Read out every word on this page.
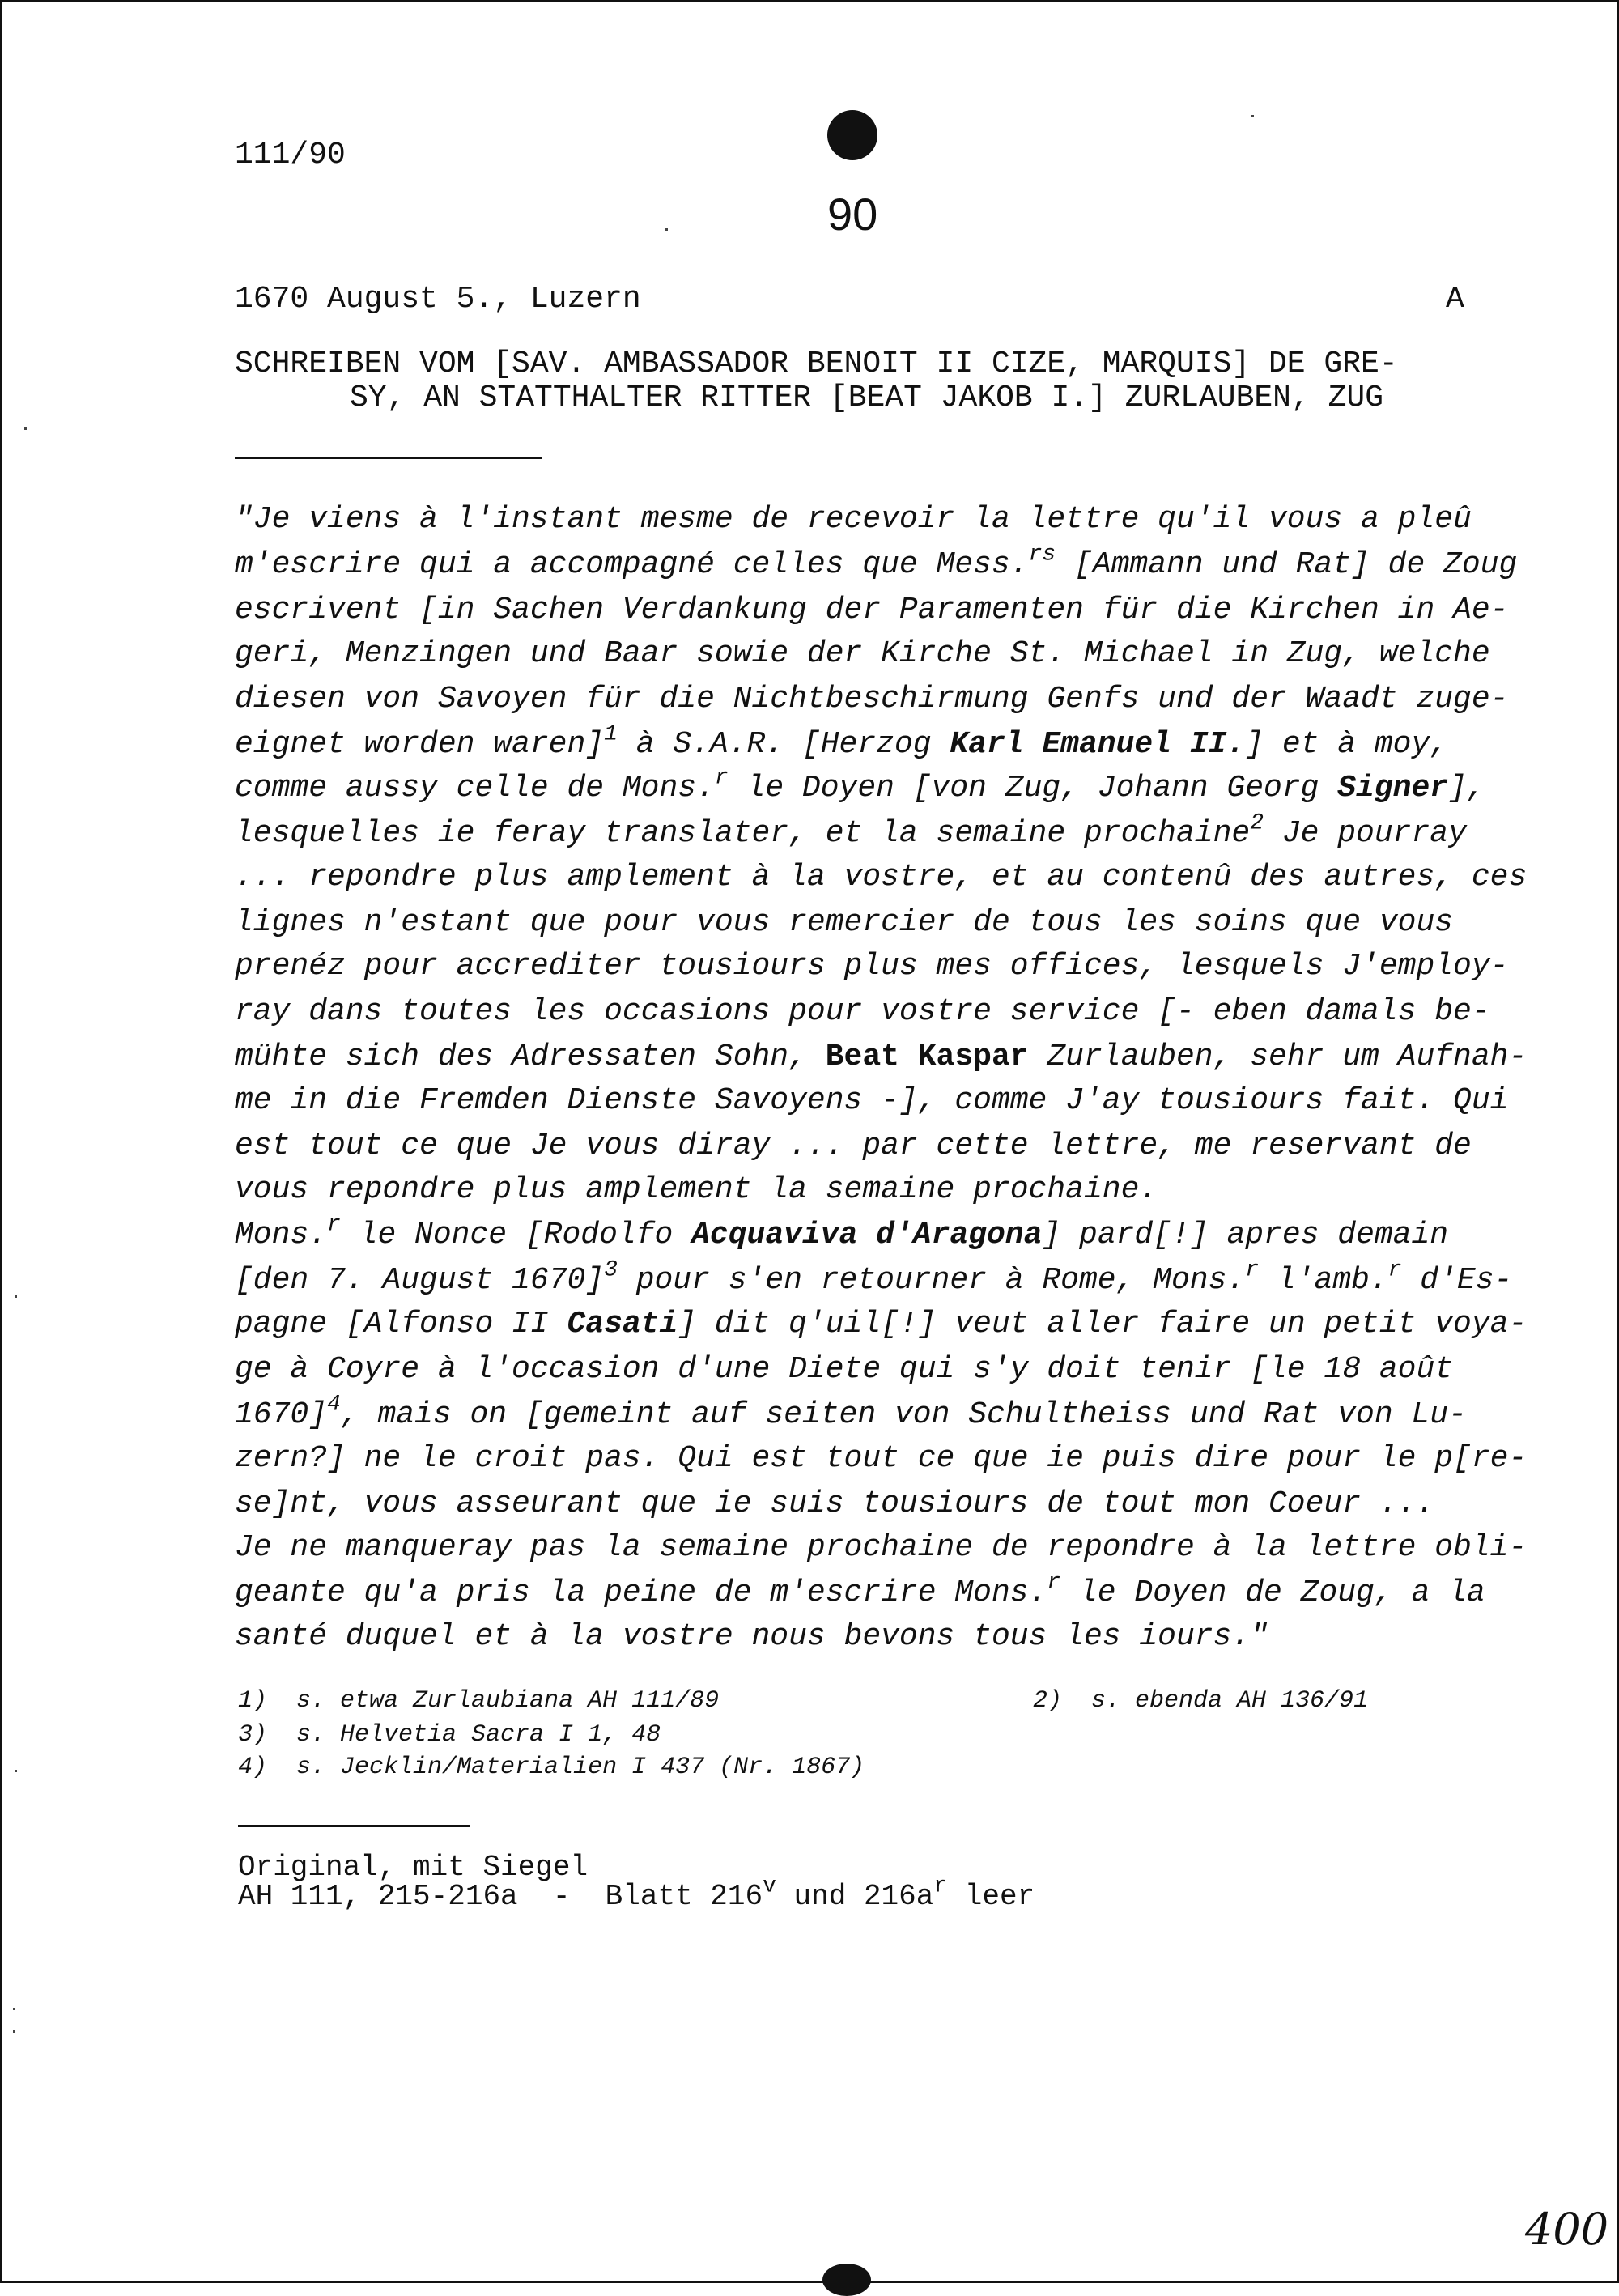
111/90
90
1670 August 5., Luzern	A
SCHREIBEN VOM [SAV. AMBASSADOR BENOIT II CIZE, MARQUIS] DE GRE-
SY, AN STATTHALTER RITTER [BEAT JAKOB I.] ZURLAUBEN, ZUG
"Je viens à l'instant mesme de recevoir la lettre qu'il vous a pleû
m'escrire qui a accompagné celles que Mess.$^{rs}$ [Ammann und Rat] de Zoug
escrivent [in Sachen Verdankung der Paramenten für die Kirchen in Ae-
geri, Menzingen und Baar sowie der Kirche St. Michael in Zug, welche
diesen von Savoyen für die Nichtbeschirmung Genfs und der Waadt zuge-
eignet worden waren]$^1$ à S.A.R. [Herzog Karl Emanuel II.] et à moy,
comme aussy celle de Mons.$^r$ le Doyen [von Zug, Johann Georg Signer],
lesquelles ie feray translater, et la semaine prochaine$^2$ Je pourray
... repondre plus amplement à la vostre, et au contenû des autres, ces
lignes n'estant que pour vous remercier de tous les soins que vous
prenéz pour accrediter tousiours plus mes offices, lesquels J'employ-
ray dans toutes les occasions pour vostre service [- eben damals be-
mühte sich des Adressaten Sohn, Beat Kaspar Zurlauben, sehr um Aufnah-
me in die Fremden Dienste Savoyens -], comme J'ay tousiours fait. Qui
est tout ce que Je vous diray ... par cette lettre, me reservant de
vous repondre plus amplement la semaine prochaine.
Mons.$^r$ le Nonce [Rodolfo Acquaviva d'Aragona] pard[!] apres demain
[den 7. August 1670]$^3$ pour s'en retourner à Rome, Mons.$^r$ l'amb.$^r$ d'Es-
pagne [Alfonso II Casati] dit q'uil[!] veut aller faire un petit voya-
ge à Coyre à l'occasion d'une Diete qui s'y doit tenir [le 18 août
1670]$^4$, mais on [gemeint auf seiten von Schultheiss und Rat von Lu-
zern?] ne le croit pas. Qui est tout ce que ie puis dire pour le p[re-
se]nt, vous asseurant que ie suis tousiours de tout mon Coeur ...
Je ne manqueray pas la semaine prochaine de repondre à la lettre obli-
geante qu'a pris la peine de m'escrire Mons.$^r$ le Doyen de Zoug, a la
santé duquel et à la vostre nous bevons tous les iours."
1)  s. etwa Zurlaubiana AH 111/89	2)  s. ebenda AH 136/91
3)  s. Helvetia Sacra I 1, 48
4)  s. Jecklin/Materialien I 437 (Nr. 1867)
Original, mit Siegel
AH 111, 215-216a  -  Blatt 216$^v$ und $216a^r$ leer
400
